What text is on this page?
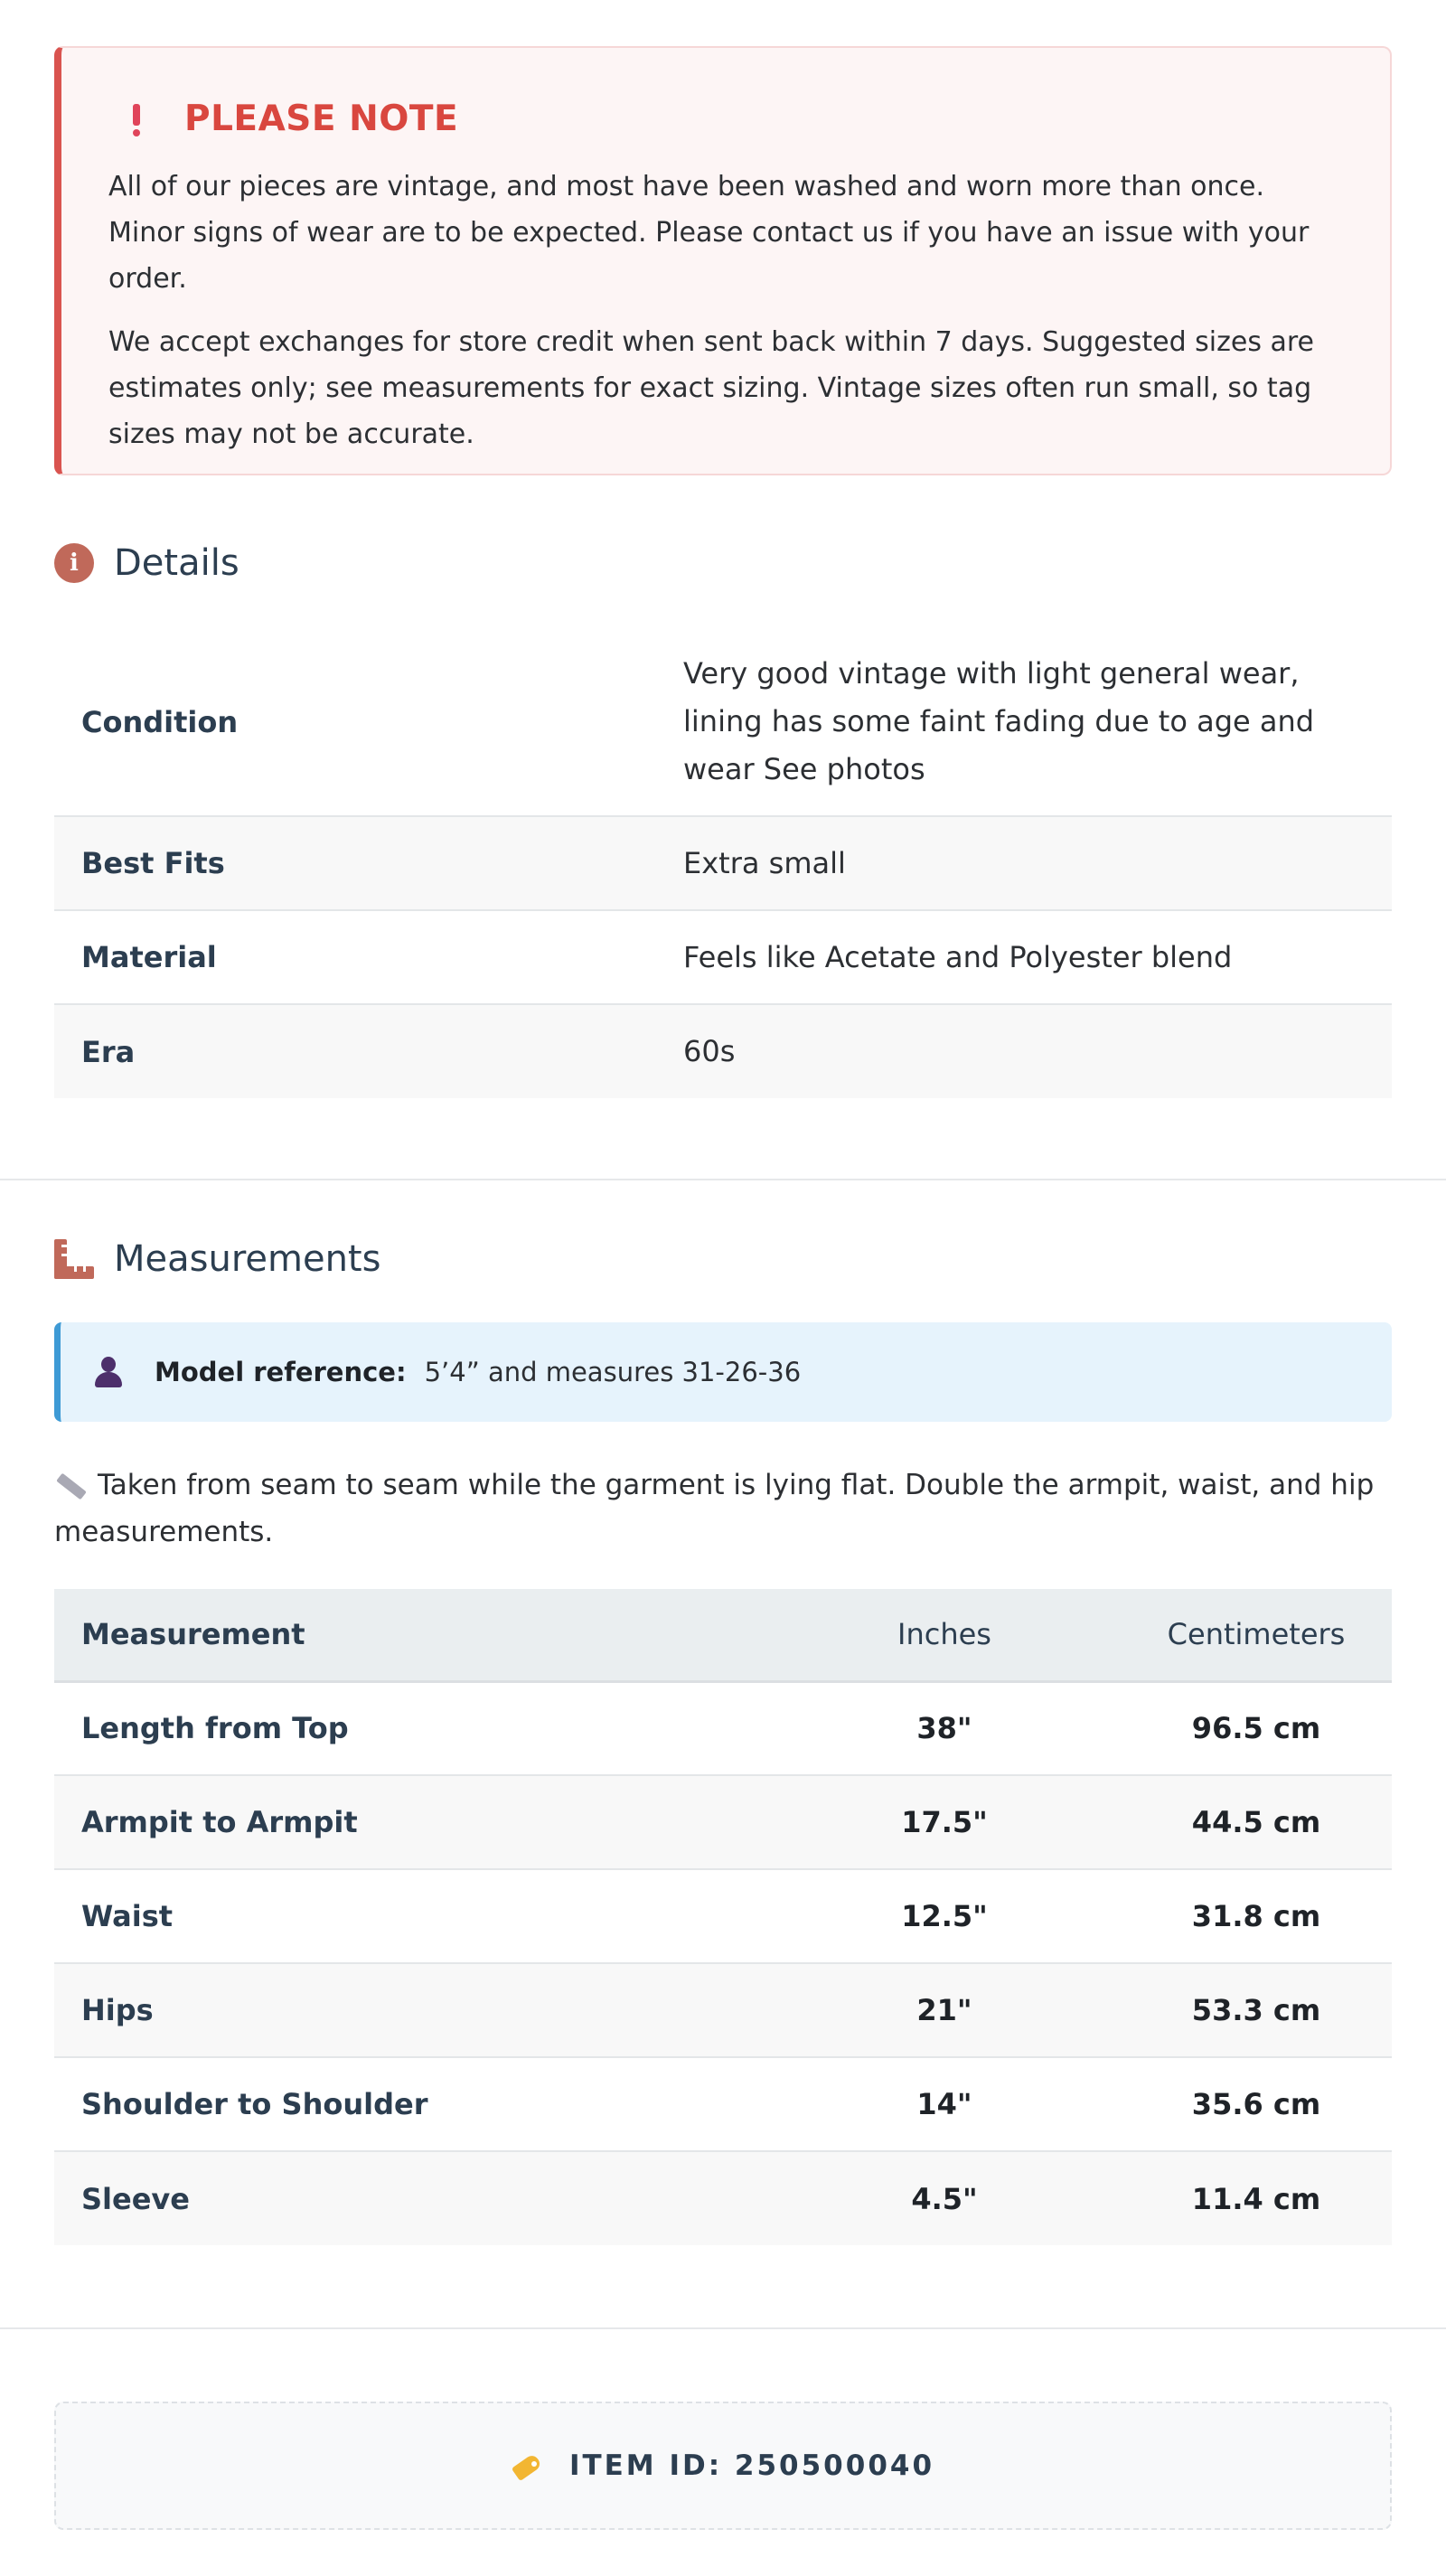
PLEASE NOTE

All of our pieces are vintage, and most have been washed and worn more than once. Minor signs of wear are to be expected. Please contact us if you have an issue with your order.

We accept exchanges for store credit when sent back within 7 days. Suggested sizes are estimates only; see measurements for exact sizing. Vintage sizes often run small, so tag sizes may not be accurate.

i Details
Condition	Very good vintage with light general wear, lining has some faint fading due to age and wear See photos
Best Fits	Extra small
Material	Feels like Acetate and Polyester blend
Era	60s
Measurements
Model reference: 5’4” and measures 31-26-36
Taken from seam to seam while the garment is lying flat. Double the armpit, waist, and hip measurements.
Measurement	Inches	Centimeters
Length from Top	38"	96.5 cm
Armpit to Armpit	17.5"	44.5 cm
Waist	12.5"	31.8 cm
Hips	21"	53.3 cm
Shoulder to Shoulder	14"	35.6 cm
Sleeve	4.5"	11.4 cm
ITEM ID: 250500040
